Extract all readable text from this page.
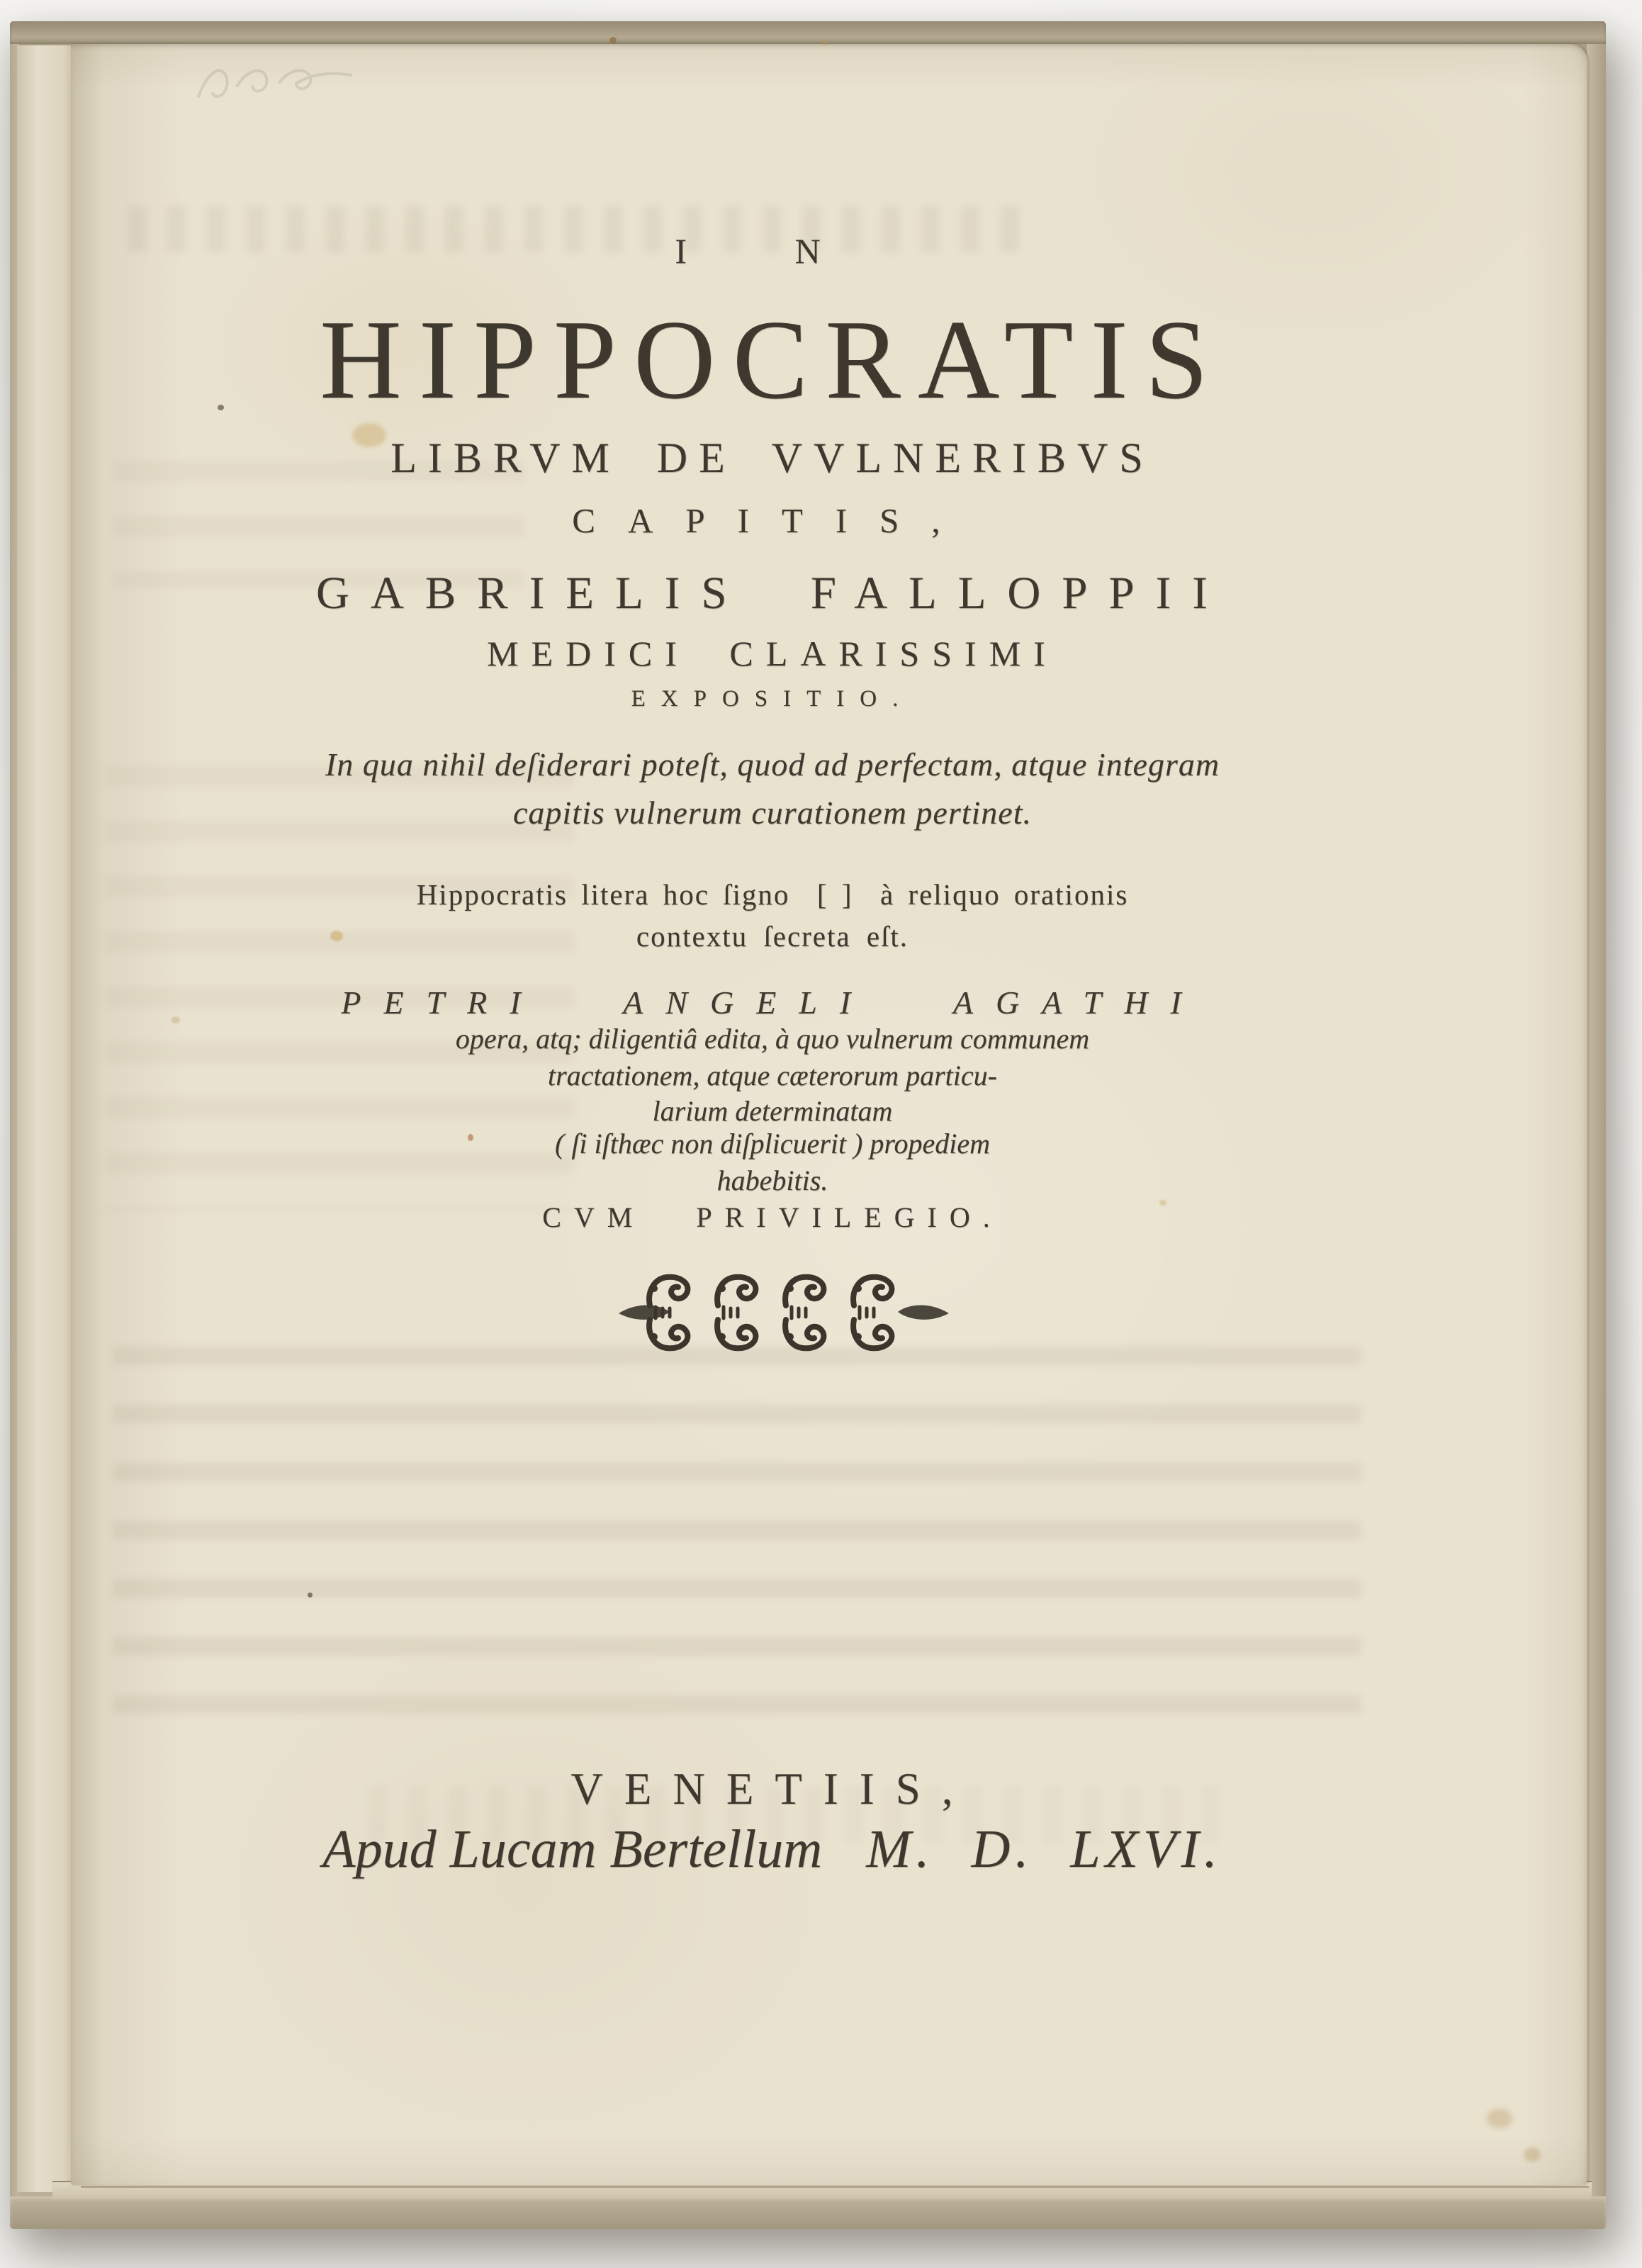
I N
HIPPOCRATIS
LIBRVM DE VVLNERIBVS
CAPITIS,
GABRIELIS FALLOPPII
MEDICI CLARISSIMI
EXPOSITIO.
In qua nihil deſiderari poteſt, quod ad perfectam, atque integram
capitis vulnerum curationem pertinet.
Hippocratis litera hoc ſigno  [ ]  à reliquo orationis
contextu ſecreta eſt.
PETRI ANGELI AGATHI
opera, atq; diligentiâ edita, à quo vulnerum communem
tractationem, atque cæterorum particu-
larium determinatam
( ſi iſthæc non diſplicuerit ) propediem
habebitis.
CVM PRIVILEGIO.

VENETIIS,
Apud Lucam Bertellum M. D. LXVI.
